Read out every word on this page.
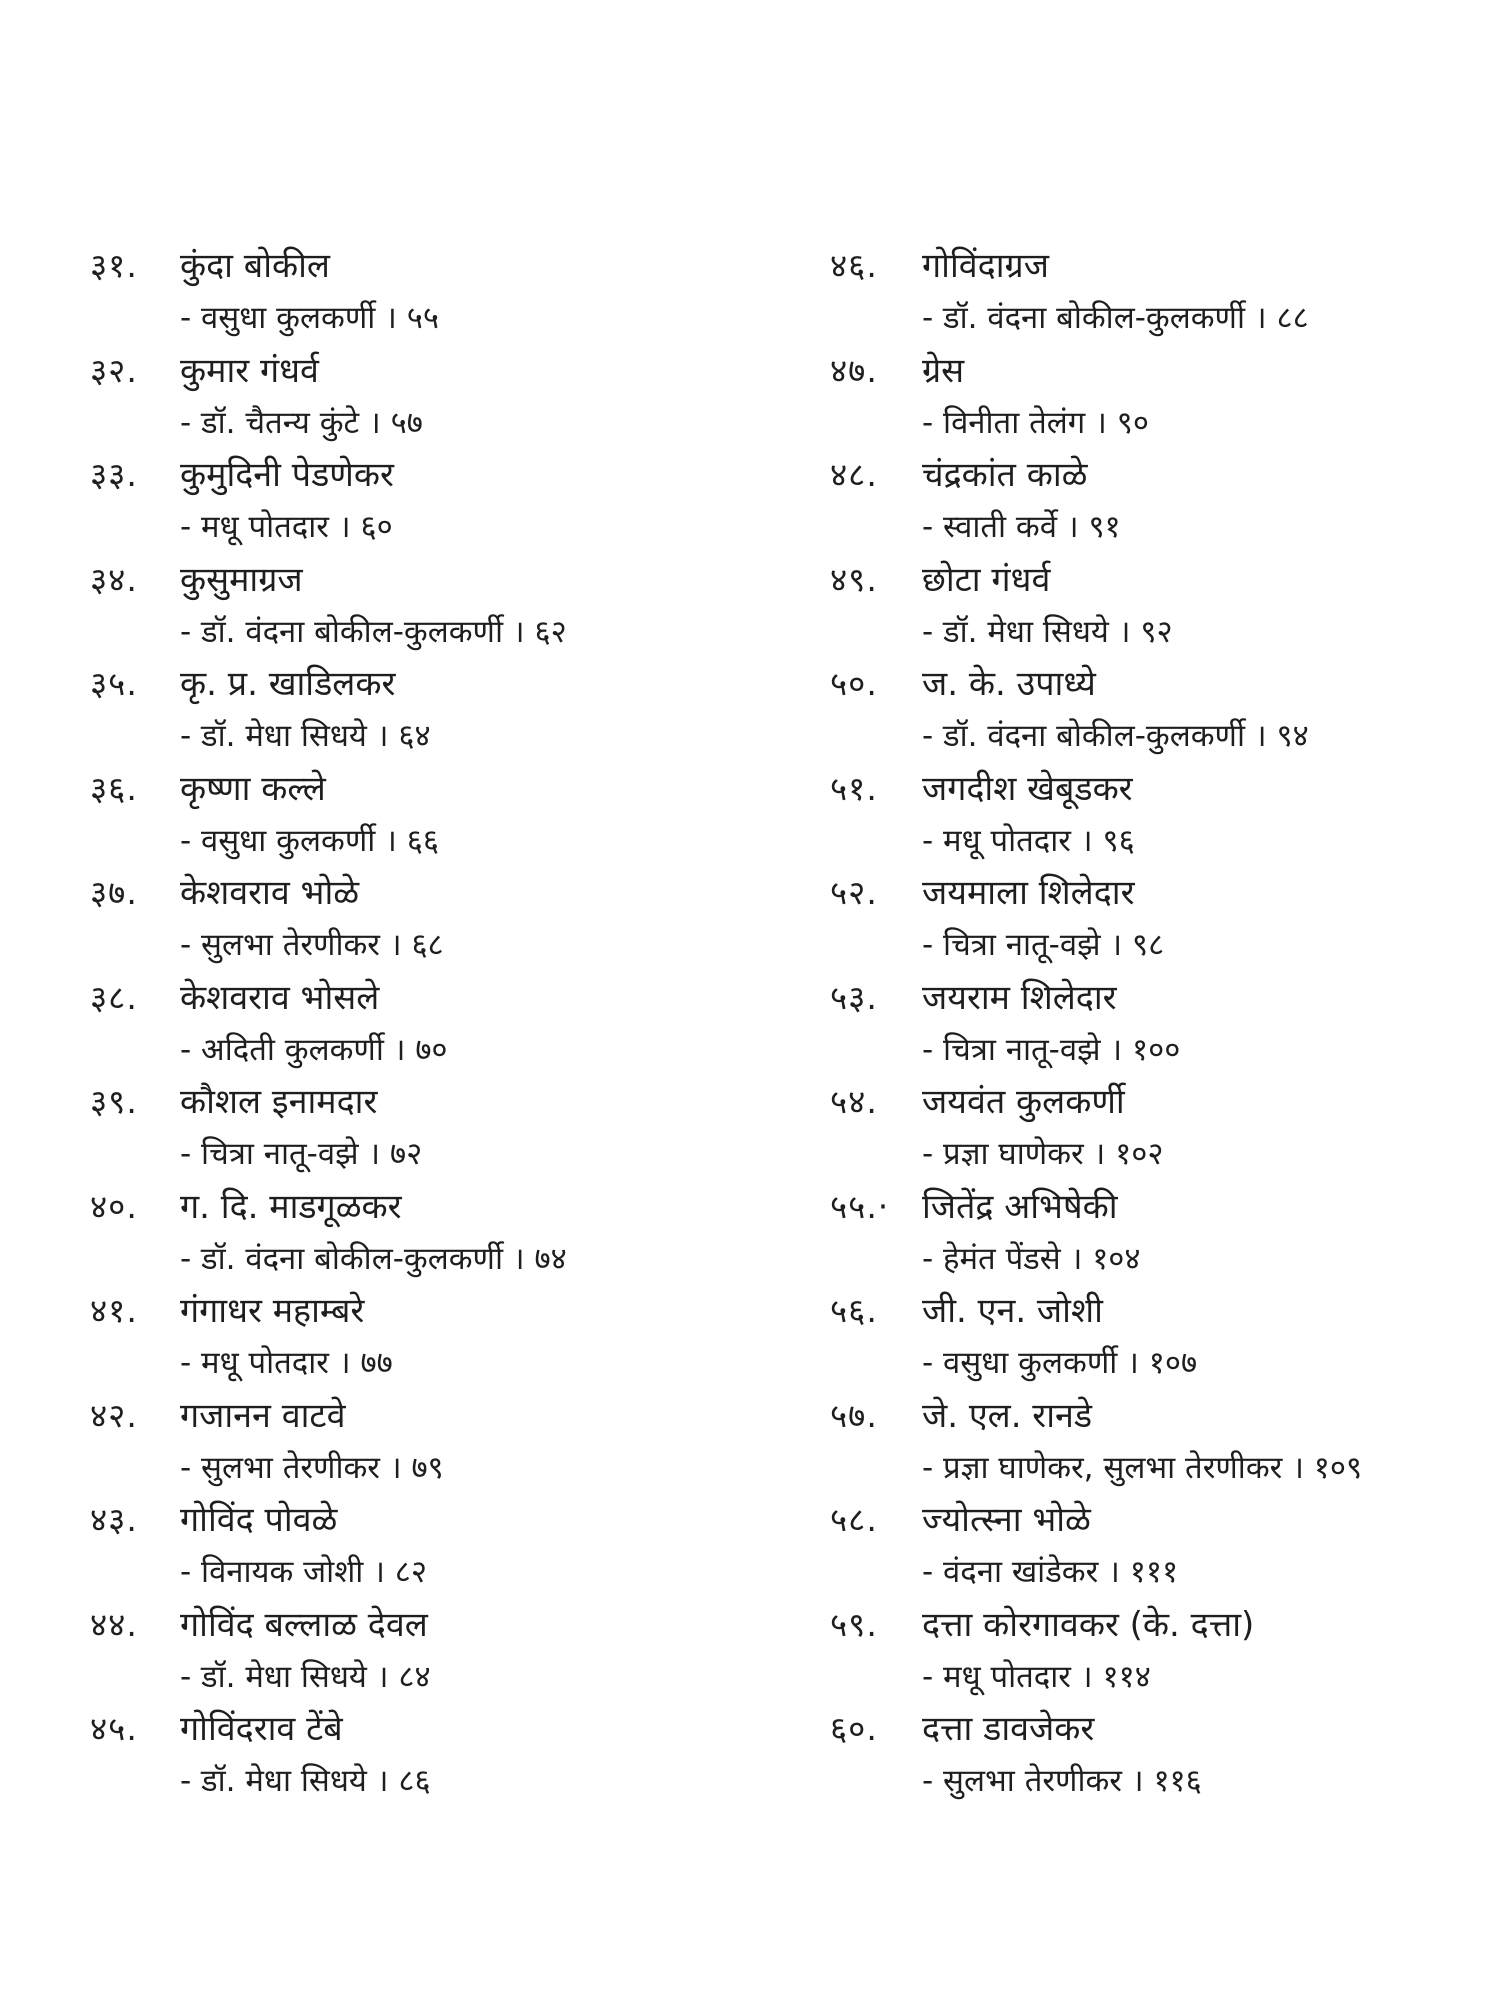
३१. कुंदा बोकील
- वसुधा कुलकर्णी । ५५
३२. कुमार गंधर्व
- डॉ. चैतन्य कुंटे । ५७
३३. कुमुदिनी पेडणेकर
- मधू पोतदार । ६०
३४. कुसुमाग्रज
- डॉ. वंदना बोकील-कुलकर्णी । ६२
३५. कृ. प्र. खाडिलकर
- डॉ. मेधा सिधये । ६४
३६. कृष्णा कल्ले
- वसुधा कुलकर्णी । ६६
३७. केशवराव भोळे
- सुलभा तेरणीकर । ६८
३८. केशवराव भोसले
- अदिती कुलकर्णी । ७०
३९. कौशल इनामदार
- चित्रा नातू-वझे । ७२
४०. ग. दि. माडगूळकर
- डॉ. वंदना बोकील-कुलकर्णी । ७४
४१. गंगाधर महाम्बरे
- मधू पोतदार । ७७
४२. गजानन वाटवे
- सुलभा तेरणीकर । ७९
४३. गोविंद पोवळे
- विनायक जोशी । ८२
४४. गोविंद बल्लाळ देवल
- डॉ. मेधा सिधये । ८४
४५. गोविंदराव टेंबे
- डॉ. मेधा सिधये । ८६
४६. गोविंदाग्रज
- डॉ. वंदना बोकील-कुलकर्णी । ८८
४७. ग्रेस
- विनीता तेलंग । ९०
४८. चंद्रकांत काळे
- स्वाती कर्वे । ९१
४९. छोटा गंधर्व
- डॉ. मेधा सिधये । ९२
५०. ज. के. उपाध्ये
- डॉ. वंदना बोकील-कुलकर्णी । ९४
५१. जगदीश खेबूडकर
- मधू पोतदार । ९६
५२. जयमाला शिलेदार
- चित्रा नातू-वझे । ९८
५३. जयराम शिलेदार
- चित्रा नातू-वझे । १००
५४. जयवंत कुलकर्णी
- प्रज्ञा घाणेकर । १०२
५५.· जितेंद्र अभिषेकी
- हेमंत पेंडसे । १०४
५६. जी. एन. जोशी
- वसुधा कुलकर्णी । १०७
५७. जे. एल. रानडे
- प्रज्ञा घाणेकर, सुलभा तेरणीकर । १०९
५८. ज्योत्स्ना भोळे
- वंदना खांडेकर । १११
५९. दत्ता कोरगावकर (के. दत्ता)
- मधू पोतदार । ११४
६०. दत्ता डावजेकर
- सुलभा तेरणीकर । ११६
